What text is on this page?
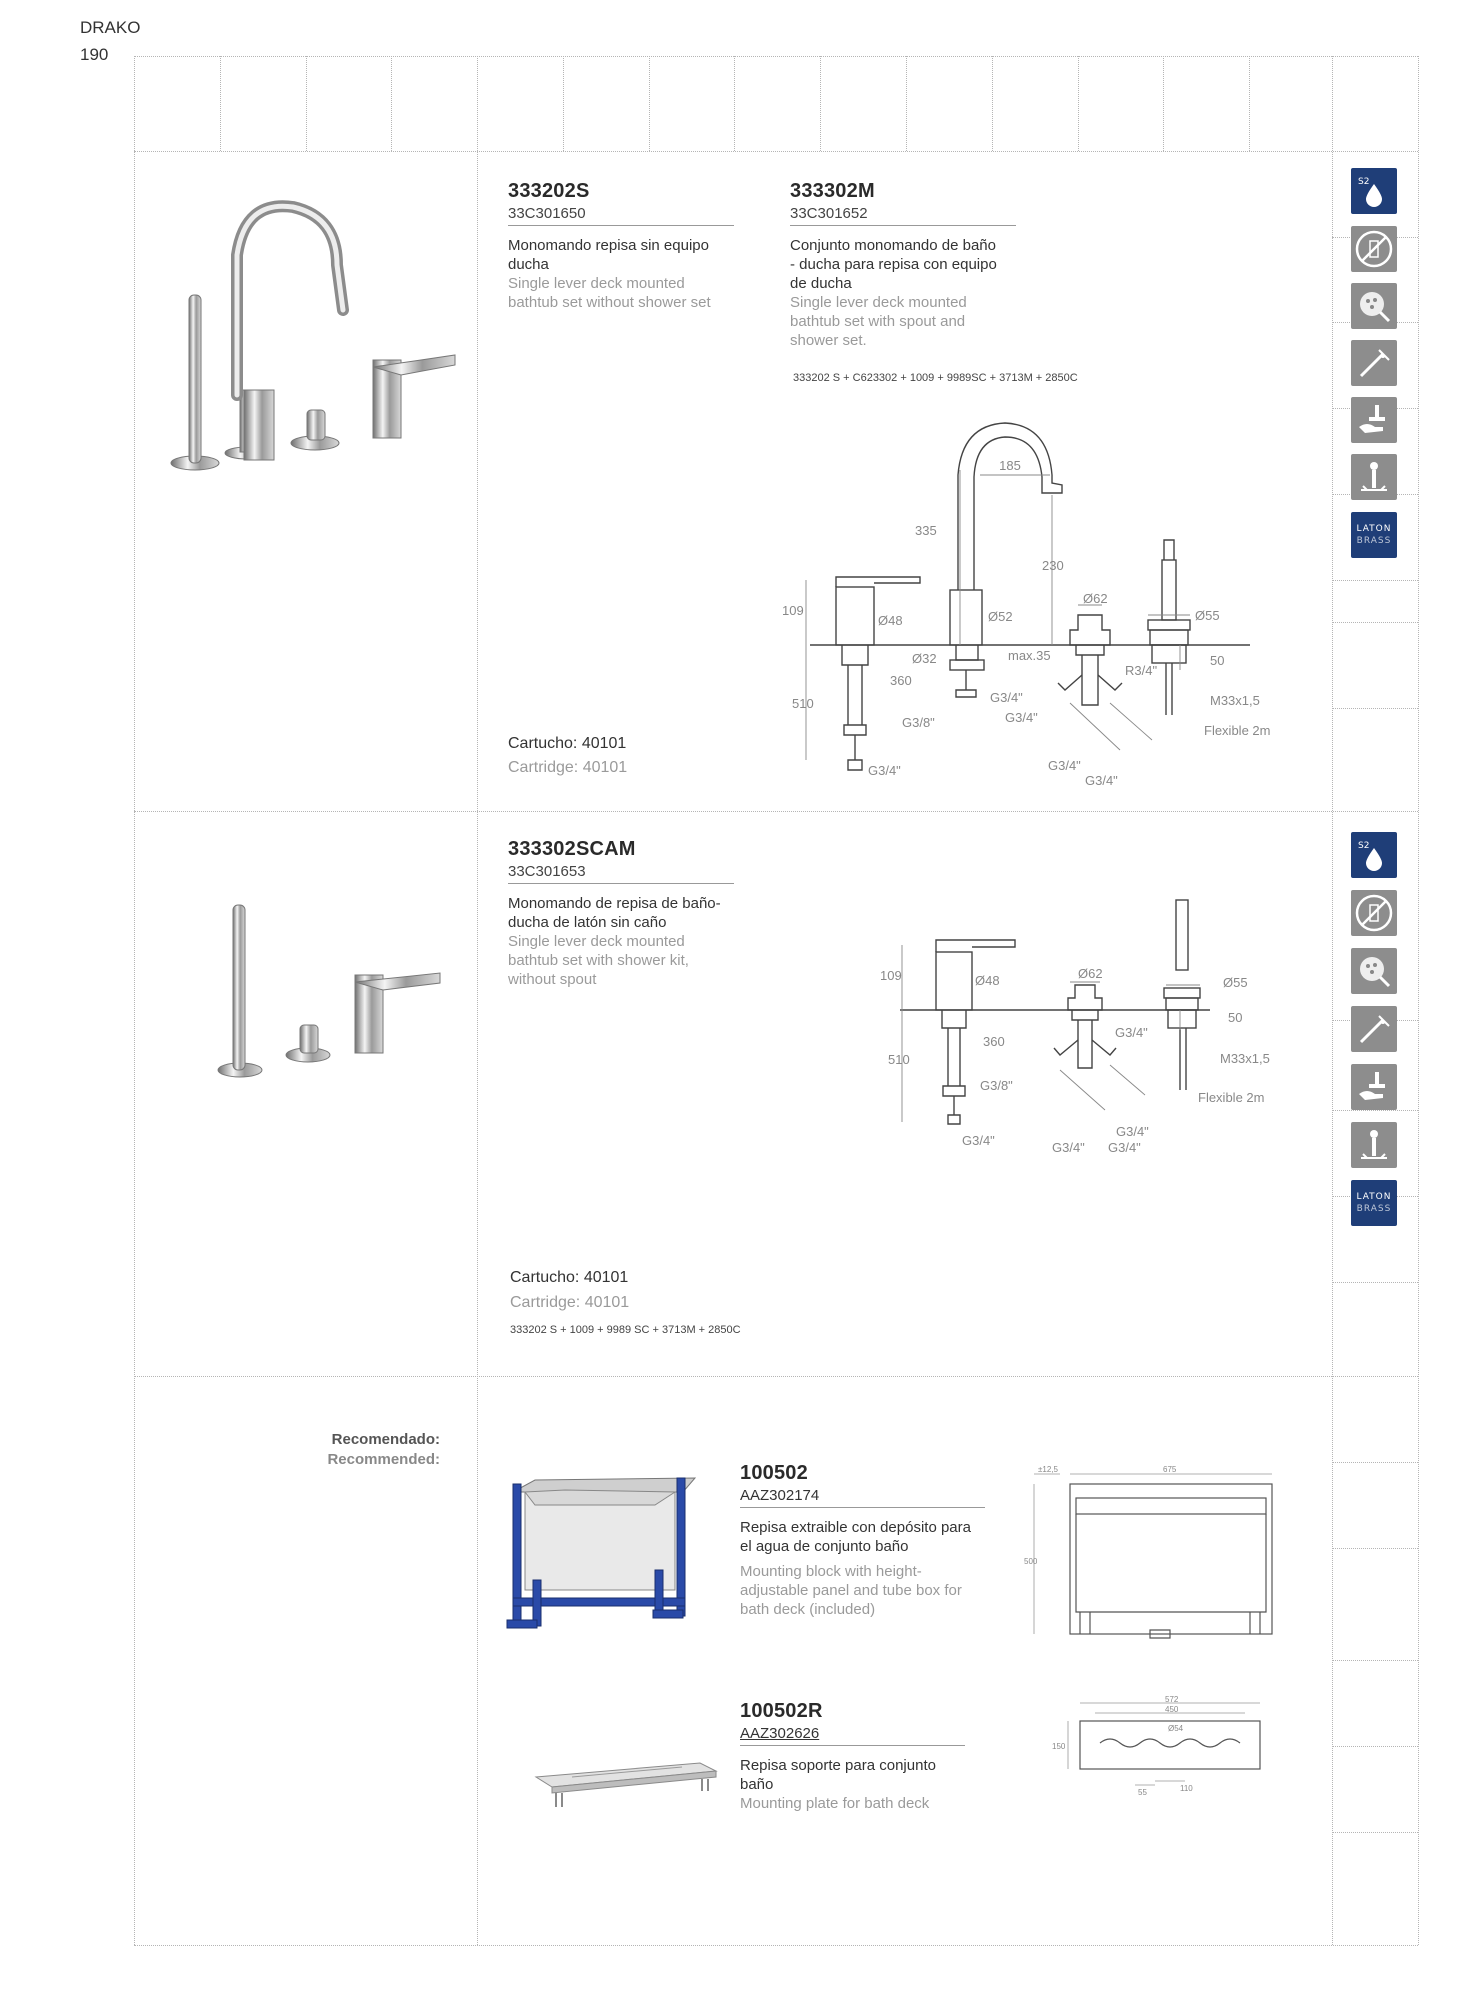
DRAKO
190
333202S
33C301650
Monomando repisa sin equipo
ducha
Single lever deck mounted
bathtub set without shower set
333302M
33C301652
Conjunto monomando de baño
- ducha para repisa con equipo
de ducha
Single lever deck mounted
bathtub set with spout and
shower set.
333202 S + C623302 + 1009 + 9989SC + 3713M + 2850C
Cartucho: 40101
Cartridge: 40101
185
335
230
109
Ø48	Ø52
Ø62
Ø55
Ø32	max.35
R3/4"
50
360
510	G3/4"
G3/4"
M33x1,5
G3/8"
Flexible 2m
G3/4"	G3/4"
G3/4"
333302SCAM
33C301653
Monomando de repisa de baño-
ducha de latón sin caño
Single lever deck mounted
bathtub set with shower kit,
without spout	109	Ø48	Ø62
Ø55
360
50
G3/4"
510	M33x1,5
G3/8"
Flexible 2m
G3/4"
G3/4"	G3/4" G3/4"
Cartucho: 40101
Cartridge: 40101
333202 S + 1009 + 9989 SC + 3713M + 2850C
S2
LATON
BRASS
S2
LATON
BRASS
Recomendado:
Recommended:
100502
AAZ302174
Repisa extraible con depósito para
el agua de conjunto baño
Mounting block with height-
adjustable panel and tube box for
bath deck (included)
±12,5	675
500
100502R
AAZ302626
Repisa soporte para conjunto
baño
Mounting plate for bath deck
572
450
Ø54
150
55	110
